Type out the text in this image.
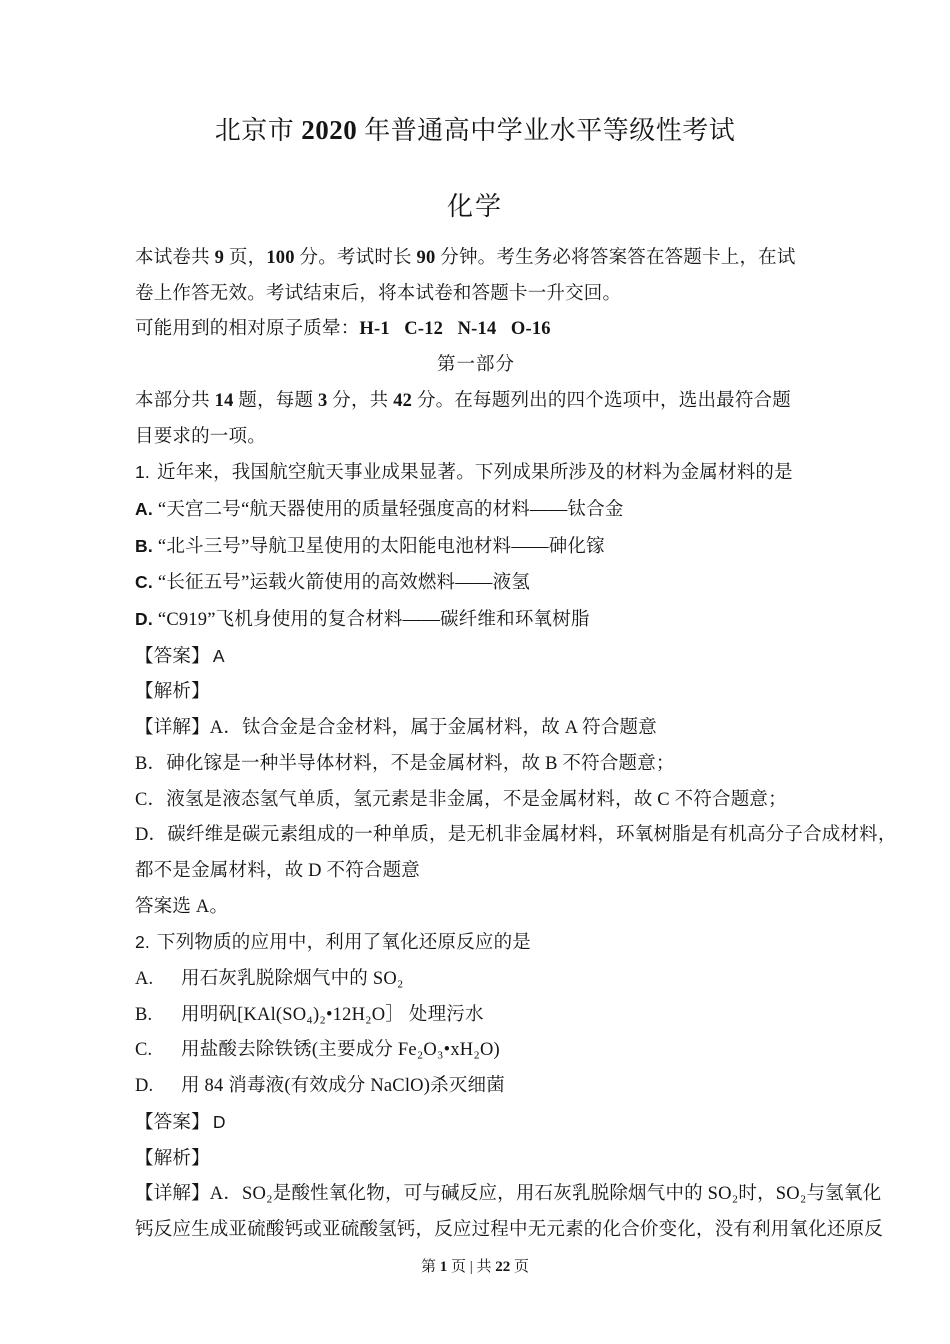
北京市 2020 年普通高中学业水平等级性考试
化学
本试卷共 9 页，100 分。考试时长 90 分钟。考生务必将答案答在答题卡上，在试
卷上作答无效。考试结束后，将本试卷和答题卡一升交回。
可能用到的相对原子质晕：H-1   C-12   N-14   O-16
第一部分
本部分共 14 题，每题 3 分，共 42 分。在每题列出的四个选项中，选出最符合题
目要求的一项。
1. 近年来，我国航空航天事业成果显著。下列成果所涉及的材料为金属材料的是
A. “天宫二号“航天器使用的质量轻强度高的材料——钛合金
B. “北斗三号”导航卫星使用的太阳能电池材料——砷化镓
C. “长征五号”运载火箭使用的高效燃料——液氢
D. “C919”飞机身使用的复合材料——碳纤维和环氧树脂
【答案】 A
【解析】
【详解】A．钛合金是合金材料，属于金属材料，故 A 符合题意
B．砷化镓是一种半导体材料，不是金属材料，故 B 不符合题意；
C．液氢是液态氢气单质，氢元素是非金属，不是金属材料，故 C 不符合题意；
D．碳纤维是碳元素组成的一种单质，是无机非金属材料，环氧树脂是有机高分子合成材料，
都不是金属材料，故 D 不符合题意
答案选 A。
2. 下列物质的应用中，利用了氧化还原反应的是
A. 用石灰乳脱除烟气中的 SO₂
B. 用明矾[KAl(SO₄)₂•12H₂O］ 处理污水
C. 用盐酸去除铁锈(主要成分 Fe₂O₃•xH₂O)
D. 用 84 消毒液(有效成分 NaClO)杀灭细菌
【答案】 D
【解析】
【详解】A．SO₂是酸性氧化物，可与碱反应，用石灰乳脱除烟气中的 SO₂时，SO₂与氢氧化
钙反应生成亚硫酸钙或亚硫酸氢钙，反应过程中无元素的化合价变化，没有利用氧化还原反
第 1 页 | 共 22 页
